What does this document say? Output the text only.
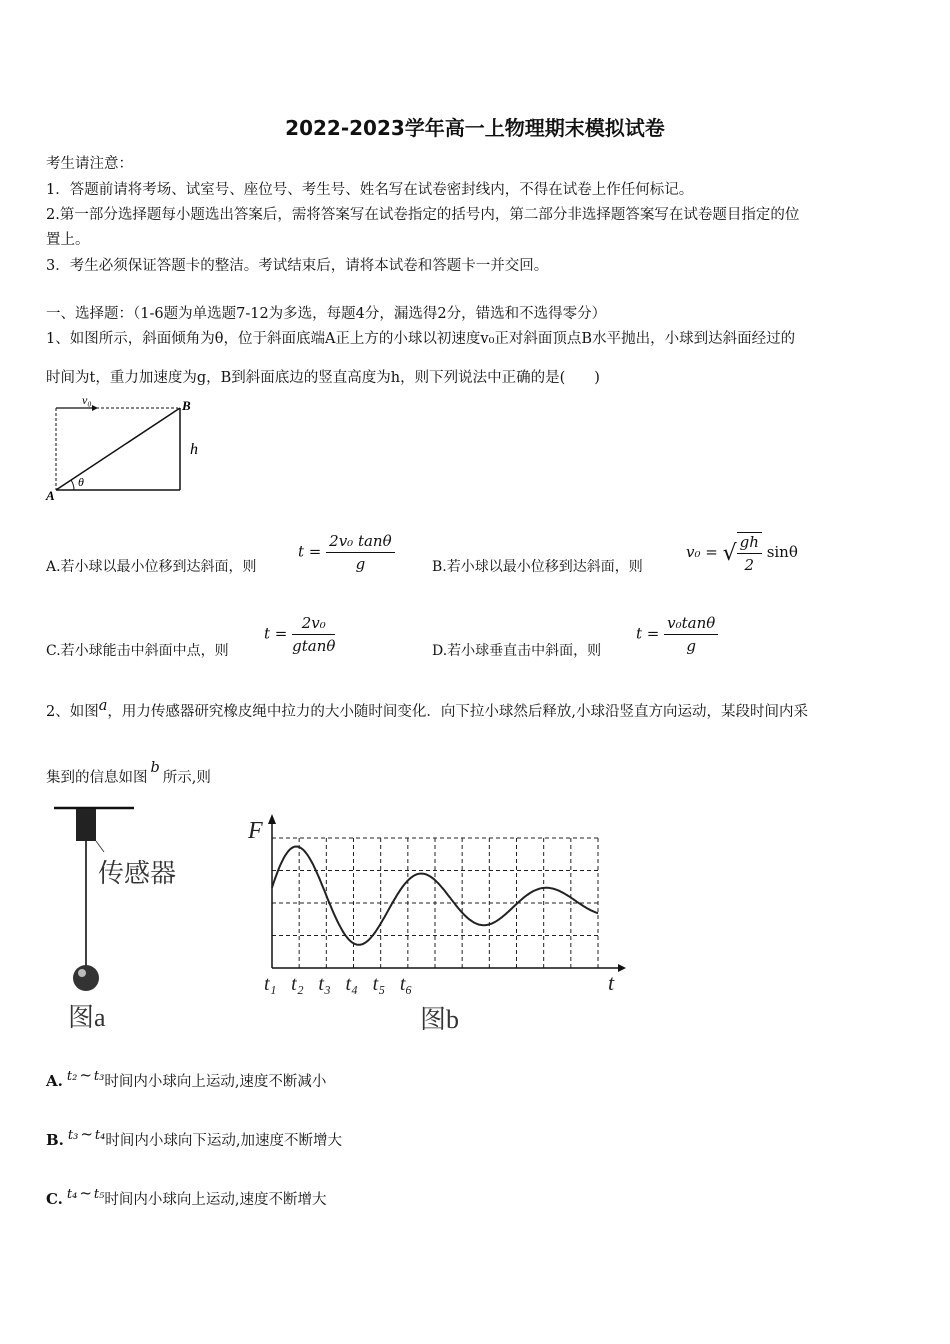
2022-2023学年高一上物理期末模拟试卷
考生请注意：
1．答题前请将考场、试室号、座位号、考生号、姓名写在试卷密封线内，不得在试卷上作任何标记。
2.第一部分选择题每小题选出答案后，需将答案写在试卷指定的括号内，第二部分非选择题答案写在试卷题目指定的位
置上。
3．考生必须保证答题卡的整洁。考试结束后，请将本试卷和答题卡一并交回。
一、选择题：（1-6题为单选题7-12为多选，每题4分，漏选得2分，错选和不选得零分）
1、如图所示，斜面倾角为θ，位于斜面底端A正上方的小球以初速度v₀正对斜面顶点B水平抛出，小球到达斜面经过的
时间为t，重力加速度为g，B到斜面底边的竖直高度为h，则下列说法中正确的是(　　)
v₀	B
A
h
θ
A.若小球以最小位移到达斜面，则
$t = \frac{\text{2v₀ tanθ}}{g}$	B.若小球以最小位移到达斜面，则
v₀ = √ $\frac{gh}{2}$ sinθ
C.若小球能击中斜面中点，则
$t = \frac{\text{2v₀}}{gtan\theta}$	D.若小球垂直击中斜面，则
$t = \frac{\text{v₀tanθ}}{g}$
2、如图a，用力传感器研究橡皮绳中拉力的大小随时间变化．向下拉小球然后释放,小球沿竖直方向运动，某段时间内采
集到的信息如图b所示,则
传感器
图a
F
t
t₁ t₂ t₃ t₄ t₅ t₆
图b
A. t₂ ~ t₃时间内小球向上运动,速度不断减小
B. t₃ ~ t₄时间内小球向下运动,加速度不断增大
C. t₄ ~ t₅时间内小球向上运动,速度不断增大
